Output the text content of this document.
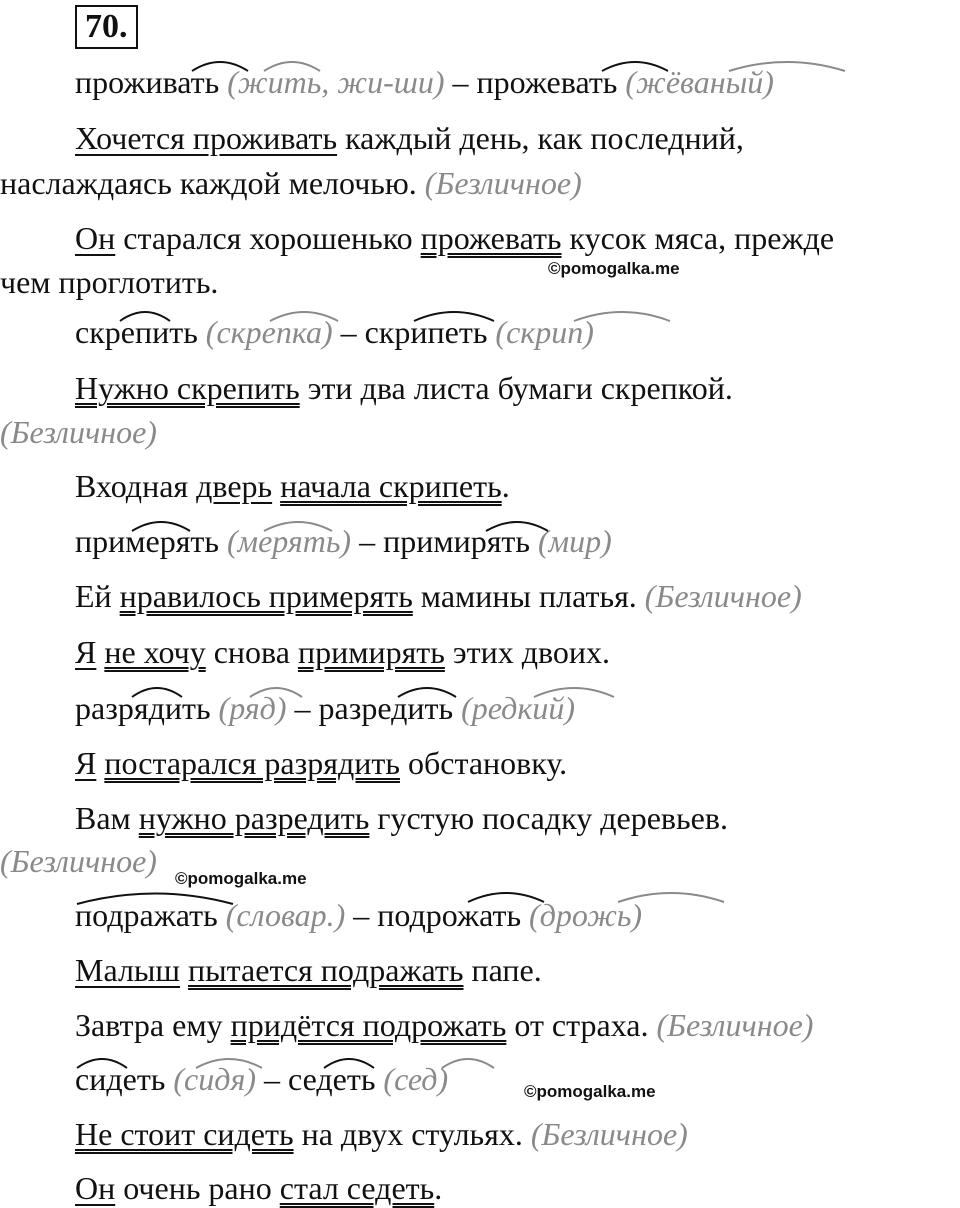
70.
проживать (жить, жи-ши) – прожевать (жёваный)
Хочется проживать каждый день, как последний,
наслаждаясь каждой мелочью. (Безличное)
Он старался хорошенько прожевать кусок мяса, прежде
чем проглотить.	©pomogalka.me
скрепить (скрепка) – скрипеть (скрип)
Нужно скрепить эти два листа бумаги скрепкой.
(Безличное)
Входная дверь начала скрипеть.
примерять (мерять) – примирять (мир)
Ей нравилось примерять мамины платья. (Безличное)
Я не хочу снова примирять этих двоих.
разрядить (ряд) – разредить (редкий)
Я постарался разрядить обстановку.
Вам нужно разредить густую посадку деревьев.
(Безличное)	©pomogalka.me
подражать (словар.) – подрожать (дрожь)
Малыш пытается подражать папе.
Завтра ему придётся подрожать от страха. (Безличное)
сидеть (сидя) – седеть (сед)	©pomogalka.me
Не стоит сидеть на двух стульях. (Безличное)
Он очень рано стал седеть.
